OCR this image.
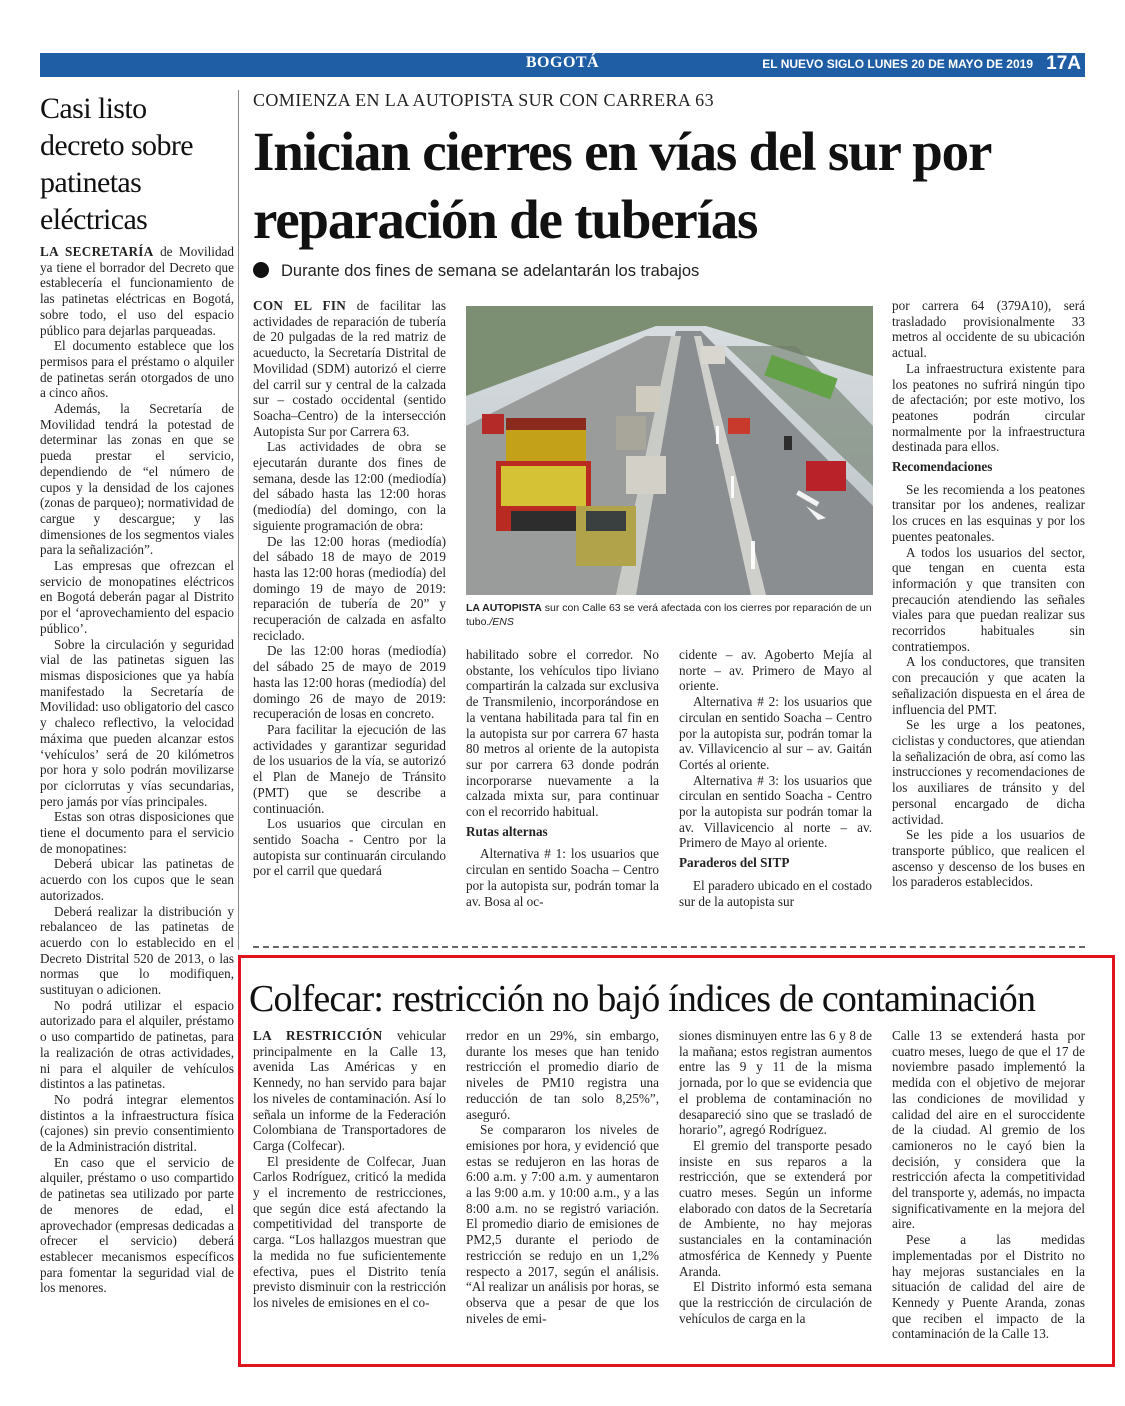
BOGOTÁ	EL NUEVO SIGLO LUNES 20 DE MAYO DE 2019 17A
Casi listo decreto sobre patinetas eléctricas

LA SECRETARÍA de Movilidad ya tiene el borrador del Decreto que establecería el funcionamiento de las patinetas eléctricas en Bogotá, sobre todo, el uso del espacio público para dejarlas parqueadas.

El documento establece que los permisos para el préstamo o alquiler de patinetas serán otorgados de uno a cinco años.

Además, la Secretaría de Movilidad tendrá la potestad de determinar las zonas en que se pueda prestar el servicio, dependiendo de “el número de cupos y la densidad de los cajones (zonas de parqueo); normatividad de cargue y descargue; y las dimensiones de los segmentos viales para la señalización”.

Las empresas que ofrezcan el servicio de monopatines eléctricos en Bogotá deberán pagar al Distrito por el ‘aprovechamiento del espacio público’.

Sobre la circulación y seguridad vial de las patinetas siguen las mismas disposiciones que ya había manifestado la Secretaría de Movilidad: uso obligatorio del casco y chaleco reflectivo, la velocidad máxima que pueden alcanzar estos ‘vehículos’ será de 20 kilómetros por hora y solo podrán movilizarse por ciclorrutas y vías secundarias, pero jamás por vías principales.

Estas son otras disposiciones que tiene el documento para el servicio de monopatines:

Deberá ubicar las patinetas de acuerdo con los cupos que le sean autorizados.

Deberá realizar la distribución y rebalanceo de las patinetas de acuerdo con lo establecido en el Decreto Distrital 520 de 2013, o las normas que lo modifiquen, sustituyan o adicionen.

No podrá utilizar el espacio autorizado para el alquiler, préstamo o uso compartido de patinetas, para la realización de otras actividades, ni para el alquiler de vehículos distintos a las patinetas.

No podrá integrar elementos distintos a la infraestructura física (cajones) sin previo consentimiento de la Administración distrital.

En caso que el servicio de alquiler, préstamo o uso compartido de patinetas sea utilizado por parte de menores de edad, el aprovechador (empresas dedicadas a ofrecer el servicio) deberá establecer mecanismos específicos para fomentar la seguridad vial de los menores.

COMIENZA EN LA AUTOPISTA SUR CON CARRERA 63
Inician cierres en vías del sur por reparación de tuberías
Durante dos fines de semana se adelantarán los trabajos

CON EL FIN de facilitar las actividades de reparación de tubería de 20 pulgadas de la red matriz de acueducto, la Secretaría Distrital de Movilidad (SDM) autorizó el cierre del carril sur y central de la calzada sur – costado occidental (sentido Soacha–Centro) de la intersección Autopista Sur por Carrera 63.

Las actividades de obra se ejecutarán durante dos fines de semana, desde las 12:00 (mediodía) del sábado hasta las 12:00 horas (mediodía) del domingo, con la siguiente programación de obra:

De las 12:00 horas (mediodía) del sábado 18 de mayo de 2019 hasta las 12:00 horas (mediodía) del domingo 19 de mayo de 2019: reparación de tubería de 20” y recuperación de calzada en asfalto reciclado.

De las 12:00 horas (mediodía) del sábado 25 de mayo de 2019 hasta las 12:00 horas (mediodía) del domingo 26 de mayo de 2019: recuperación de losas en concreto.

Para facilitar la ejecución de las actividades y garantizar seguridad de los usuarios de la vía, se autorizó el Plan de Manejo de Tránsito (PMT) que se describe a continuación.

Los usuarios que circulan en sentido Soacha - Centro por la autopista sur continuarán circulando por el carril que quedará

LA AUTOPISTA sur con Calle 63 se verá afectada con los cierres por reparación de un tubo./ENS

habilitado sobre el corredor. No obstante, los vehículos tipo liviano compartirán la calzada sur exclusiva de Transmilenio, incorporándose en la ventana habilitada para tal fin en la autopista sur por carrera 67 hasta 80 metros al oriente de la autopista sur por carrera 63 donde podrán incorporarse nuevamente a la calzada mixta sur, para continuar con el recorrido habitual.

Rutas alternas

Alternativa # 1: los usuarios que circulan en sentido Soacha – Centro por la autopista sur, podrán tomar la av. Bosa al oc-

cidente – av. Agoberto Mejía al norte – av. Primero de Mayo al oriente.

Alternativa # 2: los usuarios que circulan en sentido Soacha – Centro por la autopista sur, podrán tomar la av. Villavicencio al sur – av. Gaitán Cortés al oriente.

Alternativa # 3: los usuarios que circulan en sentido Soacha - Centro por la autopista sur podrán tomar la av. Villavicencio al norte – av. Primero de Mayo al oriente.

Paraderos del SITP

El paradero ubicado en el costado sur de la autopista sur

por carrera 64 (379A10), será trasladado provisionalmente 33 metros al occidente de su ubicación actual.

La infraestructura existente para los peatones no sufrirá ningún tipo de afectación; por este motivo, los peatones podrán circular normalmente por la infraestructura destinada para ellos.

Recomendaciones

Se les recomienda a los peatones transitar por los andenes, realizar los cruces en las esquinas y por los puentes peatonales.

A todos los usuarios del sector, que tengan en cuenta esta información y que transiten con precaución atendiendo las señales viales para que puedan realizar sus recorridos habituales sin contratiempos.

A los conductores, que transiten con precaución y que acaten la señalización dispuesta en el área de influencia del PMT.

Se les urge a los peatones, ciclistas y conductores, que atiendan la señalización de obra, así como las instrucciones y recomendaciones de los auxiliares de tránsito y del personal encargado de dicha actividad.

Se les pide a los usuarios de transporte público, que realicen el ascenso y descenso de los buses en los paraderos establecidos.

Colfecar: restricción no bajó índices de contaminación

LA RESTRICCIÓN vehicular principalmente en la Calle 13, avenida Las Américas y en Kennedy, no han servido para bajar los niveles de contaminación. Así lo señala un informe de la Federación Colombiana de Transportadores de Carga (Colfecar).

El presidente de Colfecar, Juan Carlos Rodríguez, criticó la medida y el incremento de restricciones, que según dice está afectando la competitividad del transporte de carga. “Los hallazgos muestran que la medida no fue suficientemente efectiva, pues el Distrito tenía previsto disminuir con la restricción los niveles de emisiones en el co-

rredor en un 29%, sin embargo, durante los meses que han tenido restricción el promedio diario de niveles de PM10 registra una reducción de tan solo 8,25%”, aseguró.

Se compararon los niveles de emisiones por hora, y evidenció que estas se redujeron en las horas de 6:00 a.m. y 7:00 a.m. y aumentaron a las 9:00 a.m. y 10:00 a.m., y a las 8:00 a.m. no se registró variación. El promedio diario de emisiones de PM2,5 durante el periodo de restricción se redujo en un 1,2% respecto a 2017, según el análisis. “Al realizar un análisis por horas, se observa que a pesar de que los niveles de emi-

siones disminuyen entre las 6 y 8 de la mañana; estos registran aumentos entre las 9 y 11 de la misma jornada, por lo que se evidencia que el problema de contaminación no desapareció sino que se trasladó de horario”, agregó Rodríguez.

El gremio del transporte pesado insiste en sus reparos a la restricción, que se extenderá por cuatro meses. Según un informe elaborado con datos de la Secretaría de Ambiente, no hay mejoras sustanciales en la contaminación atmosférica de Kennedy y Puente Aranda.

El Distrito informó esta semana que la restricción de circulación de vehículos de carga en la

Calle 13 se extenderá hasta por cuatro meses, luego de que el 17 de noviembre pasado implementó la medida con el objetivo de mejorar las condiciones de movilidad y calidad del aire en el suroccidente de la ciudad. Al gremio de los camioneros no le cayó bien la decisión, y considera que la restricción afecta la competitividad del transporte y, además, no impacta significativamente en la mejora del aire.

Pese a las medidas implementadas por el Distrito no hay mejoras sustanciales en la situación de calidad del aire de Kennedy y Puente Aranda, zonas que reciben el impacto de la contaminación de la Calle 13.
